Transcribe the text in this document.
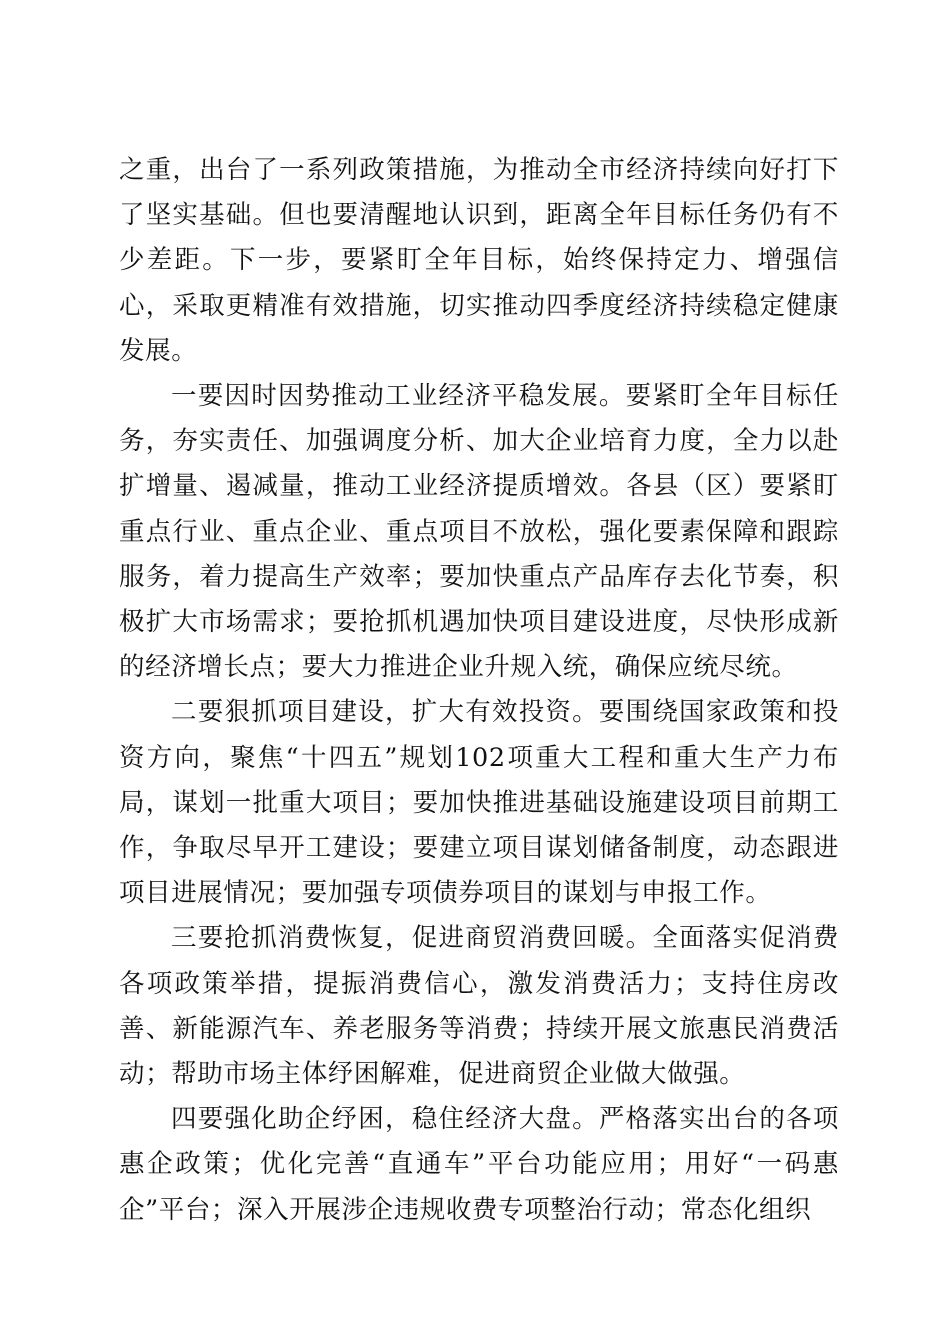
之重，出台了一系列政策措施，为推动全市经济持续向好打下了坚实基础。但也要清醒地认识到，距离全年目标任务仍有不少差距。下一步，要紧盯全年目标，始终保持定力、增强信心，采取更精准有效措施，切实推动四季度经济持续稳定健康发展。

一要因时因势推动工业经济平稳发展。要紧盯全年目标任务，夯实责任、加强调度分析、加大企业培育力度，全力以赴扩增量、遏减量，推动工业经济提质增效。各县（区）要紧盯重点行业、重点企业、重点项目不放松，强化要素保障和跟踪服务，着力提高生产效率；要加快重点产品库存去化节奏，积极扩大市场需求；要抢抓机遇加快项目建设进度，尽快形成新的经济增长点；要大力推进企业升规入统，确保应统尽统。

二要狠抓项目建设，扩大有效投资。要围绕国家政策和投资方向，聚焦“十四五”规划102项重大工程和重大生产力布局，谋划一批重大项目；要加快推进基础设施建设项目前期工作，争取尽早开工建设；要建立项目谋划储备制度，动态跟进项目进展情况；要加强专项债券项目的谋划与申报工作。

三要抢抓消费恢复，促进商贸消费回暖。全面落实促消费各项政策举措，提振消费信心，激发消费活力；支持住房改善、新能源汽车、养老服务等消费；持续开展文旅惠民消费活动；帮助市场主体纾困解难，促进商贸企业做大做强。

四要强化助企纾困，稳住经济大盘。严格落实出台的各项惠企政策；优化完善“直通车”平台功能应用；用好“一码惠企”平台；深入开展涉企违规收费专项整治行动；常态化组织
